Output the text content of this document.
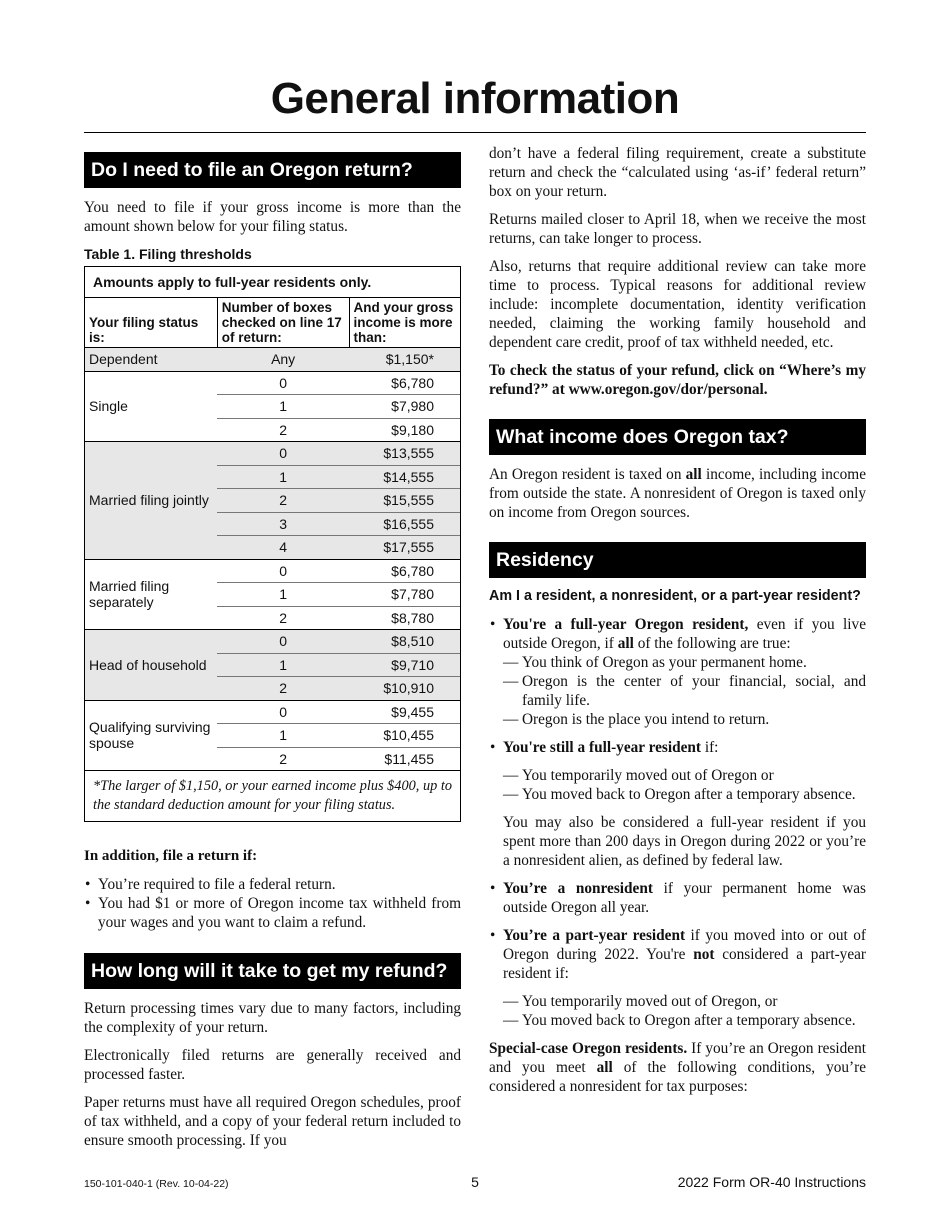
General information
Do I need to file an Oregon return?

You need to file if your gross income is more than the amount shown below for your filing status.

Table 1. Filing thresholds
Amounts apply to full-year residents only.		
Your filing status is:	Number of boxes checked on line 17 of return:	And your gross income is more than:
Dependent	Any	$1,150*
Single	0	$6,780
	1	$7,980
	2	$9,180
Married filing jointly	0	$13,555
	1	$14,555
	2	$15,555
	3	$16,555
	4	$17,555
Married filing separately	0	$6,780
	1	$7,780
	2	$8,780
Head of household	0	$8,510
	1	$9,710
	2	$10,910
Qualifying surviving spouse	0	$9,455
	1	$10,455
	2	$11,455
*The larger of $1,150, or your earned income plus $400, up to the standard deduction amount for your filing status.		
In addition, file a return if:
• You’re required to file a federal return.
• You had $1 or more of Oregon income tax withheld from your wages and you want to claim a refund.
How long will it take to get my refund?

Return processing times vary due to many factors, including the complexity of your return.

Electronically filed returns are generally received and processed faster.

Paper returns must have all required Oregon schedules, proof of tax withheld, and a copy of your federal return included to ensure smooth processing. If you

don’t have a federal filing requirement, create a substitute return and check the “calculated using ‘as-if’ federal return” box on your return.

Returns mailed closer to April 18, when we receive the most returns, can take longer to process.

Also, returns that require additional review can take more time to process. Typical reasons for additional review include: incomplete documentation, identity verification needed, claiming the working family household and dependent care credit, proof of tax withheld needed, etc.

To check the status of your refund, click on “Where’s my refund?” at www.oregon.gov/dor/personal.

What income does Oregon tax?

An Oregon resident is taxed on all income, including income from outside the state. A nonresident of Oregon is taxed only on income from Oregon sources.

Residency
Am I a resident, a nonresident, or a part-year resident?
• You're a full-year Oregon resident, even if you live outside Oregon, if all of the following are true:
— You think of Oregon as your permanent home.
— Oregon is the center of your financial, social, and family life.
— Oregon is the place you intend to return.
• You're still a full-year resident if:
— You temporarily moved out of Oregon or
— You moved back to Oregon after a temporary absence.

You may also be considered a full-year resident if you spent more than 200 days in Oregon during 2022 or you’re a nonresident alien, as defined by federal law.

• You’re a nonresident if your permanent home was outside Oregon all year.
• You’re a part-year resident if you moved into or out of Oregon during 2022. You're not considered a part-year resident if:
— You temporarily moved out of Oregon, or
— You moved back to Oregon after a temporary absence.

Special-case Oregon residents. If you’re an Oregon resident and you meet all of the following conditions, you’re considered a nonresident for tax purposes:

150-101-040-1 (Rev. 10-04-22)	5	2022 Form OR-40 Instructions
